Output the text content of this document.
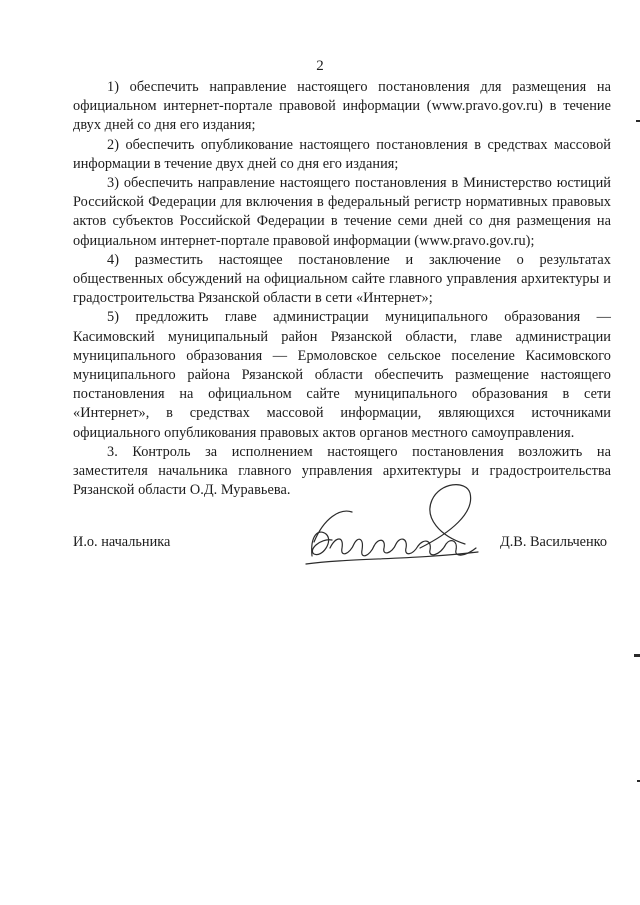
2

1) обеспечить направление настоящего постановления для размещения на официальном интернет-портале правовой информации (www.pravo.gov.ru) в течение двух дней со дня его издания;

2) обеспечить опубликование настоящего постановления в средствах массовой информации в течение двух дней со дня его издания;

3) обеспечить направление настоящего постановления в Министерство юстиций Российской Федерации для включения в федеральный регистр нормативных правовых актов субъектов Российской Федерации в течение семи дней со дня размещения на официальном интернет-портале правовой информации (www.pravo.gov.ru);

4) разместить настоящее постановление и заключение о результатах общественных обсуждений на официальном сайте главного управления архитектуры и градостроительства Рязанской области в сети «Интернет»;

5) предложить главе администрации муниципального образования — Касимовский муниципальный район Рязанской области, главе администрации муниципального образования — Ермоловское сельское поселение Касимовского муниципального района Рязанской области обеспечить размещение настоящего постановления на официальном сайте муниципального образования в сети «Интернет», в средствах массовой информации, являющихся источниками официального опубликования правовых актов органов местного самоуправления.

3. Контроль за исполнением настоящего постановления возложить на заместителя начальника главного управления архитектуры и градостроительства Рязанской области О.Д. Муравьева.

И.о. начальника	Д.В. Васильченко
